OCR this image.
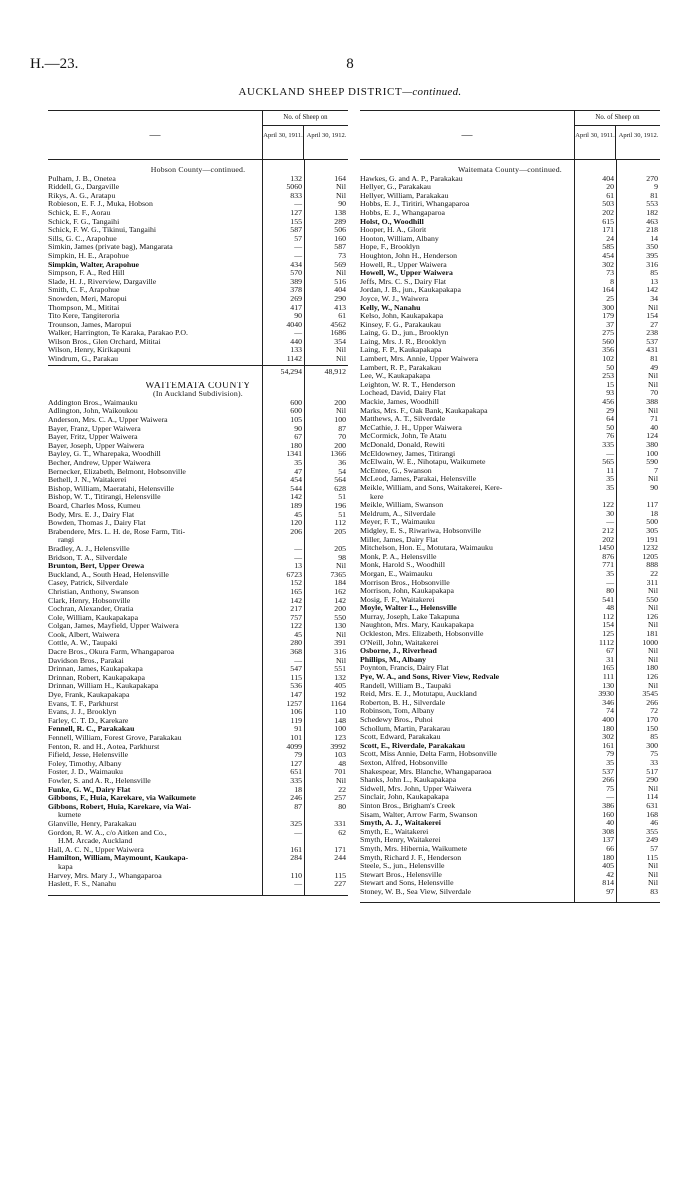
H.—23.	8
AUCKLAND SHEEP DISTRICT—continued.
—
No. of Sheep on
April 30, 1911. April 30, 1912.
Hobson County—continued.
Pulham, J. B., Onetea	132	164
Riddell, G., Dargaville	5060	Nil
Rikys, A. G., Aratapu	833	Nil
Robieson, E. F. J., Muka, Hobson	—	90
Schick, E. F., Aorau	127	138
Schick, F. G., Tangaihi	155	289
Schick, F. W. G., Tikinui, Tangaihi	587	506
Sills, G. C., Arapohue	57	160
Simkin, James (private bag), Mangarata	—	587
Simpkin, H. E., Arapohue	—	73
Simpkin, Walter, Arapohue	434	569
Simpson, F. A., Red Hill	570	Nil
Slade, H. J., Riverview, Dargaville	389	516
Smith, C. F., Arapohue	378	404
Snowden, Meri, Maropui	269	290
Thompson, M., Mititai	417	413
Tito Kere, Tangiteroria	90	61
Trounson, James, Maropui	4040	4562
Walker, Harrington, Te Karaka, Parakao P.O.	—	1686
Wilson Bros., Glen Orchard, Mititai	440	354
Wilson, Henry, Kirikapuni	133	Nil
Windrum, G., Parakau	1142	Nil
54,294	48,912
WAITEMATA COUNTY
(In Auckland Subdivision).
Addington Bros., Waimauku	600	200
Adlington, John, Waikoukou	600	Nil
Anderson, Mrs. C. A., Upper Waiwera	105	100
Bayer, Franz, Upper Waiwera	90	87
Bayer, Fritz, Upper Waiwera	67	70
Bayer, Joseph, Upper Waiwera	180	200
Bayley, G. T., Wharepaka, Woodhill	1341	1366
Becher, Andrew, Upper Waiwera	35	36
Bernecker, Elizabeth, Belmont, Hobsonville	47	54
Bethell, J. N., Waitakerei	454	564
Bishop, William, Maeratahi, Helensville	544	628
Bishop, W. T., Titirangi, Helensville	142	51
Board, Charles Moss, Kumeu	189	196
Body, Mrs. E. J., Dairy Flat	45	51
Bowden, Thomas J., Dairy Flat	120	112
Brabendere, Mrs. L. H. de, Rose Farm, Titi-	206	205
rangi
Bradley, A. J., Helensville	—	205
Bridson, T. A., Silverdale	—	98
Brunton, Bert, Upper Orewa	13	Nil
Buckland, A., South Head, Helensville	6723	7365
Casey, Patrick, Silverdale	152	184
Christian, Anthony, Swanson	165	162
Clark, Henry, Hobsonville	142	142
Cochran, Alexander, Oratia	217	200
Cole, William, Kaukapakapa	757	550
Colgan, James, Mayfield, Upper Waiwera	122	130
Cook, Albert, Waiwera	45	Nil
Cottle, A. W., Taupaki	280	391
Dacre Bros., Okura Farm, Whangaparoa	368	316
Davidson Bros., Parakai	—	Nil
Drinnan, James, Kaukapakapa	547	551
Drinnan, Robert, Kaukapakapa	115	132
Drinnan, William H., Kaukapakapa	536	405
Dye, Frank, Kaukapakapa	147	192
Evans, T. F., Parkhurst	1257	1164
Evans, J. J., Brooklyn	106	110
Farley, C. T. D., Karekare	119	148
Fennell, R. C., Parakakau	91	100
Fennell, William, Forest Grove, Parakakau	101	123
Fenton, R. and H., Aotea, Parkhurst	4099	3992
Fifield, Jesse, Helensville	79	103
Foley, Timothy, Albany	127	48
Foster, J. D., Waimauku	651	701
Fowler, S. and A. R., Helensville	335	Nil
Funke, G. W., Dairy Flat	18	22
Gibbons, F., Huia, Karekare, via Waikumete	246	257
Gibbons, Robert, Huia, Karekare, via Wai-	87	80
kumete
Glanville, Henry, Parakakau	325	331
Gordon, R. W. A., c/o Aitken and Co.,	—	62
H.M. Arcade, Auckland
Hall, A. C. N., Upper Waiwera	161	171
Hamilton, William, Maymount, Kaukapa-	284	244
kapa
Harvey, Mrs. Mary J., Whangaparoa	110	115
Haslett, F. S., Nanahu	—	227
—
No. of Sheep on
April 30, 1911. April 30, 1912.
Waitemata County—continued.
Hawkes, G. and A. P., Parakakau	404	270
Hellyer, G., Parakakau	20	9
Hellyer, William, Parakakau	61	81
Hobbs, E. J., Tiritiri, Whangaparoa	503	553
Hobbs, E. J., Whangaparoa	202	182
Holst, O., Woodhill	615	463
Hooper, H. A., Glorit	171	218
Hooton, William, Albany	24	14
Hope, F., Brooklyn	585	350
Houghton, John H., Henderson	454	395
Howell, R., Upper Waiwera	302	316
Howell, W., Upper Waiwera	73	85
Jeffs, Mrs. C. S., Dairy Flat	8	13
Jordan, J. B., jun., Kaukapakapa	164	142
Joyce, W. J., Waiwera	25	34
Kelly, W., Nanahu	300	Nil
Kelso, John, Kaukapakapa	179	154
Kinsey, F. G., Parakaukau	37	27
Laing, G. D., jun., Brooklyn	275	238
Laing, Mrs. J. R., Brooklyn	560	537
Laing, F. P., Kaukapakapa	356	431
Lambert, Mrs. Annie, Upper Waiwera	102	81
Lambert, R. P., Parakakau	50	49
Lee, W., Kaukapakapa	253	Nil
Leighton, W. R. T., Henderson	15	Nil
Lochead, David, Dairy Flat	93	70
Mackie, James, Woodhill	456	388
Marks, Mrs. F., Oak Bank, Kaukapakapa	29	Nil
Matthews, A. T., Silverdale	64	71
McCathie, J. H., Upper Waiwera	50	40
McCormick, John, Te Atatu	76	124
McDonald, Donald, Rewiti	335	380
McEldowney, James, Titirangi	—	100
McElwain, W. E., Nihotapu, Waikumete	565	590
McEntee, G., Swanson	11	7
McLeod, James, Parakai, Helensville	35	Nil
Meikle, William, and Sons, Waitakerei, Kere-	35	90
kere
Meikle, William, Swanson	122	117
Meldrum, A., Silverdale	30	18
Meyer, F. T., Waimauku	—	500
Midgley, E. S., Riwariwa, Hobsonville	212	305
Miller, James, Dairy Flat	202	191
Mitchelson, Hon. E., Motutara, Waimauku	1450	1232
Monk, P. A., Helensville	876	1205
Monk, Harold S., Woodhill	771	888
Morgan, E., Waimauku	35	22
Morrison Bros., Hobsonville	—	311
Morrison, John, Kaukapakapa	80	Nil
Mosig, F. F., Waitakerei	541	550
Moyle, Walter L., Helensville	48	Nil
Murray, Joseph, Lake Takapuna	112	126
Naughton, Mrs. Mary, Kaukapakapa	154	Nil
Ockleston, Mrs. Elizabeth, Hobsonville	125	181
O'Neill, John, Waitakerei	1112	1000
Osborne, J., Riverhead	67	Nil
Phillips, M., Albany	31	Nil
Poynton, Francis, Dairy Flat	165	180
Pye, W. A., and Sons, River View, Redvale	111	126
Randell, William B., Taupaki	130	Nil
Reid, Mrs. E. J., Motutapu, Auckland	3930	3545
Roberton, B. H., Silverdale	346	266
Robinson, Tom, Albany	74	72
Schedewy Bros., Puhoi	400	170
Schollum, Martin, Parakarau	180	150
Scott, Edward, Parakakau	302	85
Scott, E., Riverdale, Parakakau	161	300
Scott, Miss Annie, Delta Farm, Hobsonville	79	75
Sexton, Alfred, Hobsonville	35	33
Shakespear, Mrs. Blanche, Whangaparaoa	537	517
Shanks, John L., Kaukapakapa	266	290
Sidwell, Mrs. John, Upper Waiwera	75	Nil
Sinclair, John, Kaukapakapa	—	114
Sinton Bros., Brigham's Creek	386	631
Sisam, Walter, Arrow Farm, Swanson	160	168
Smyth, A. J., Waitakerei	40	46
Smyth, E., Waitakerei	308	355
Smyth, Henry, Waitakerei	137	249
Smyth, Mrs. Hibernia, Waikumete	66	57
Smyth, Richard J. F., Henderson	180	115
Steele, S., jun., Helensville	405	Nil
Stewart Bros., Helensville	42	Nil
Stewart and Sons, Helensville	814	Nil
Stoney, W. B., Sea View, Silverdale	97	83
